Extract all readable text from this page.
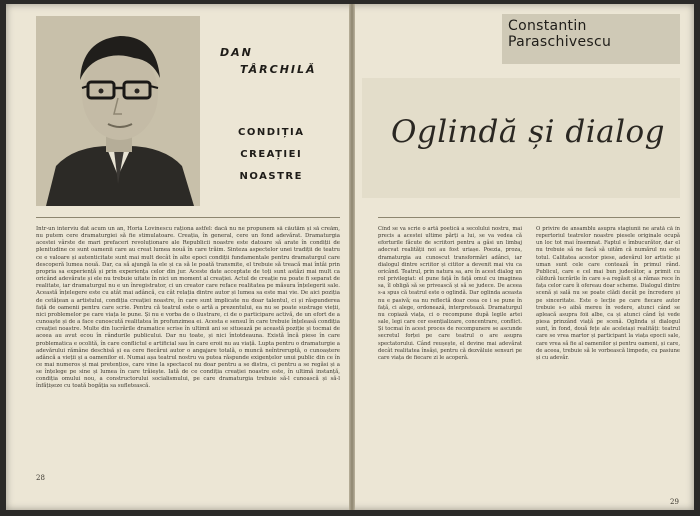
DAN
TÂRCHILĂ
CONDIȚIA
CREAȚIEI
NOASTRE
Într-un interviu dat acum un an, Horia Lovinescu raționa astfel: dacă nu ne propunem să căutăm și să creăm, nu putem cere dramaturgiei să fie stimulatoare. Creația, în general, cere un fond adevărat. Dramaturgia acestei vârste de mari prefaceri revoluționare ale Republicii noastre este datoare să arate în condiții de plenitudine ce sunt oamenii care au creat lumea nouă în care trăim. Sinteza aspectelor unei tradiții de teatru ce e valoare și autenticitate sunt mai mult decât în alte epoci condiții fundamentale pentru dramaturgul care descoperă lumea nouă. Dar, ca să ajungă la ele și ca să le poată transmite, el trebuie să treacă mai întâi prin propria sa experiență și prin experiența celor din jur. Aceste date acceptate de toți sunt astăzi mai mult ca oricând adevărate și ele nu trebuie uitate în nici un moment al creației. Actul de creație nu poate fi separat de realitate, iar dramaturgul nu e un înregistrator, ci un creator care reface realitatea pe măsura înțelegerii sale. Această înțelegere este cu atât mai adâncă, cu cât relația dintre autor și lumea sa este mai vie. De aici poziția de cetățean a artistului, condiția creației noastre, în care sunt implicate nu doar talentul, ci și răspunderea față de oamenii pentru care scrie. Pentru că teatrul este o artă a prezentului, ea nu se poate sustrage vieții, nici problemelor pe care viața le pune. Și nu e vorba de o ilustrare, ci de o participare activă, de un efort de a cunoaște și de a face cunoscută realitatea în profunzimea ei. Acesta e sensul în care trebuie înțeleasă condiția creației noastre. Multe din lucrările dramatice scrise în ultimii ani se situează pe această poziție și tocmai de aceea au avut ecou în rândurile publicului. Dar nu toate, și nici întotdeauna. Există încă piese în care problematica e ocolită, în care conflictul e artificial sau în care eroii nu au viață. Lupta pentru o dramaturgie a adevărului rămâne deschisă și ea cere fiecărui autor o angajare totală, o muncă neîntreruptă, o cunoaștere adâncă a vieții și a oamenilor ei. Numai așa teatrul nostru va putea răspunde exigențelor unui public din ce în ce mai numeros și mai pretențios, care vine la spectacol nu doar pentru a se distra, ci pentru a se regăsi și a se înțelege pe sine și lumea în care trăiește. Iată de ce condiția creației noastre este, în ultimă instanță, condiția omului nou, a constructorului socialismului, pe care dramaturgia trebuie să-l cunoască și să-l înfățișeze cu toată bogăția sa sufletească.
28
Constantin
Paraschivescu
Oglindă și dialog
Cînd se va scrie o artă poetică a secolului nostru, mai precis a acestei ultime părți a lui, se va vedea că eforturile făcute de scriitori pentru a găsi un limbaj adecvat realității noi au fost uriașe. Poezia, proza, dramaturgia au cunoscut transformări adânci, iar dialogul dintre scriitor și cititor a devenit mai viu ca oricând. Teatrul, prin natura sa, are în acest dialog un rol privilegiat: el pune față în față omul cu imaginea sa, îl obligă să se privească și să se judece. De aceea s-a spus că teatrul este o oglindă. Dar oglinda aceasta nu e pasivă; ea nu reflectă doar ceea ce i se pune în față, ci alege, ordonează, interpretează. Dramaturgul nu copiază viața, ci o recompune după legile artei sale, legi care cer esențializare, concentrare, conflict. Și tocmai în acest proces de recompunere se ascunde secretul forței pe care teatrul o are asupra spectatorului. Când reușește, el devine mai adevărat decât realitatea însăși, pentru că dezvăluie sensuri pe care viața de fiecare zi le acoperă.
O privire de ansamblu asupra stagiunii ne arată că în repertoriul teatrelor noastre piesele originale ocupă un loc tot mai însemnat. Faptul e îmbucurător, dar el nu trebuie să ne facă să uităm că numărul nu este totul. Calitatea acestor piese, adevărul lor artistic și uman sunt cele care contează în primul rând. Publicul, care e cel mai bun judecător, a primit cu căldură lucrările în care s-a regăsit și a rămas rece în fața celor care îi ofereau doar scheme. Dialogul dintre scenă și sală nu se poate clădi decât pe încredere și pe sinceritate. Este o lecție pe care fiecare autor trebuie s-o aibă mereu în vedere, atunci când se apleacă asupra foii albe, ca și atunci când își vede piesa prinzând viață pe scenă. Oglinda și dialogul sunt, în fond, două fețe ale aceleiași realități: teatrul care se vrea martor și participant la viața epocii sale, care vrea să fie al oamenilor și pentru oameni, și care, de aceea, trebuie să le vorbească limpede, cu pasiune și cu adevăr.
29
